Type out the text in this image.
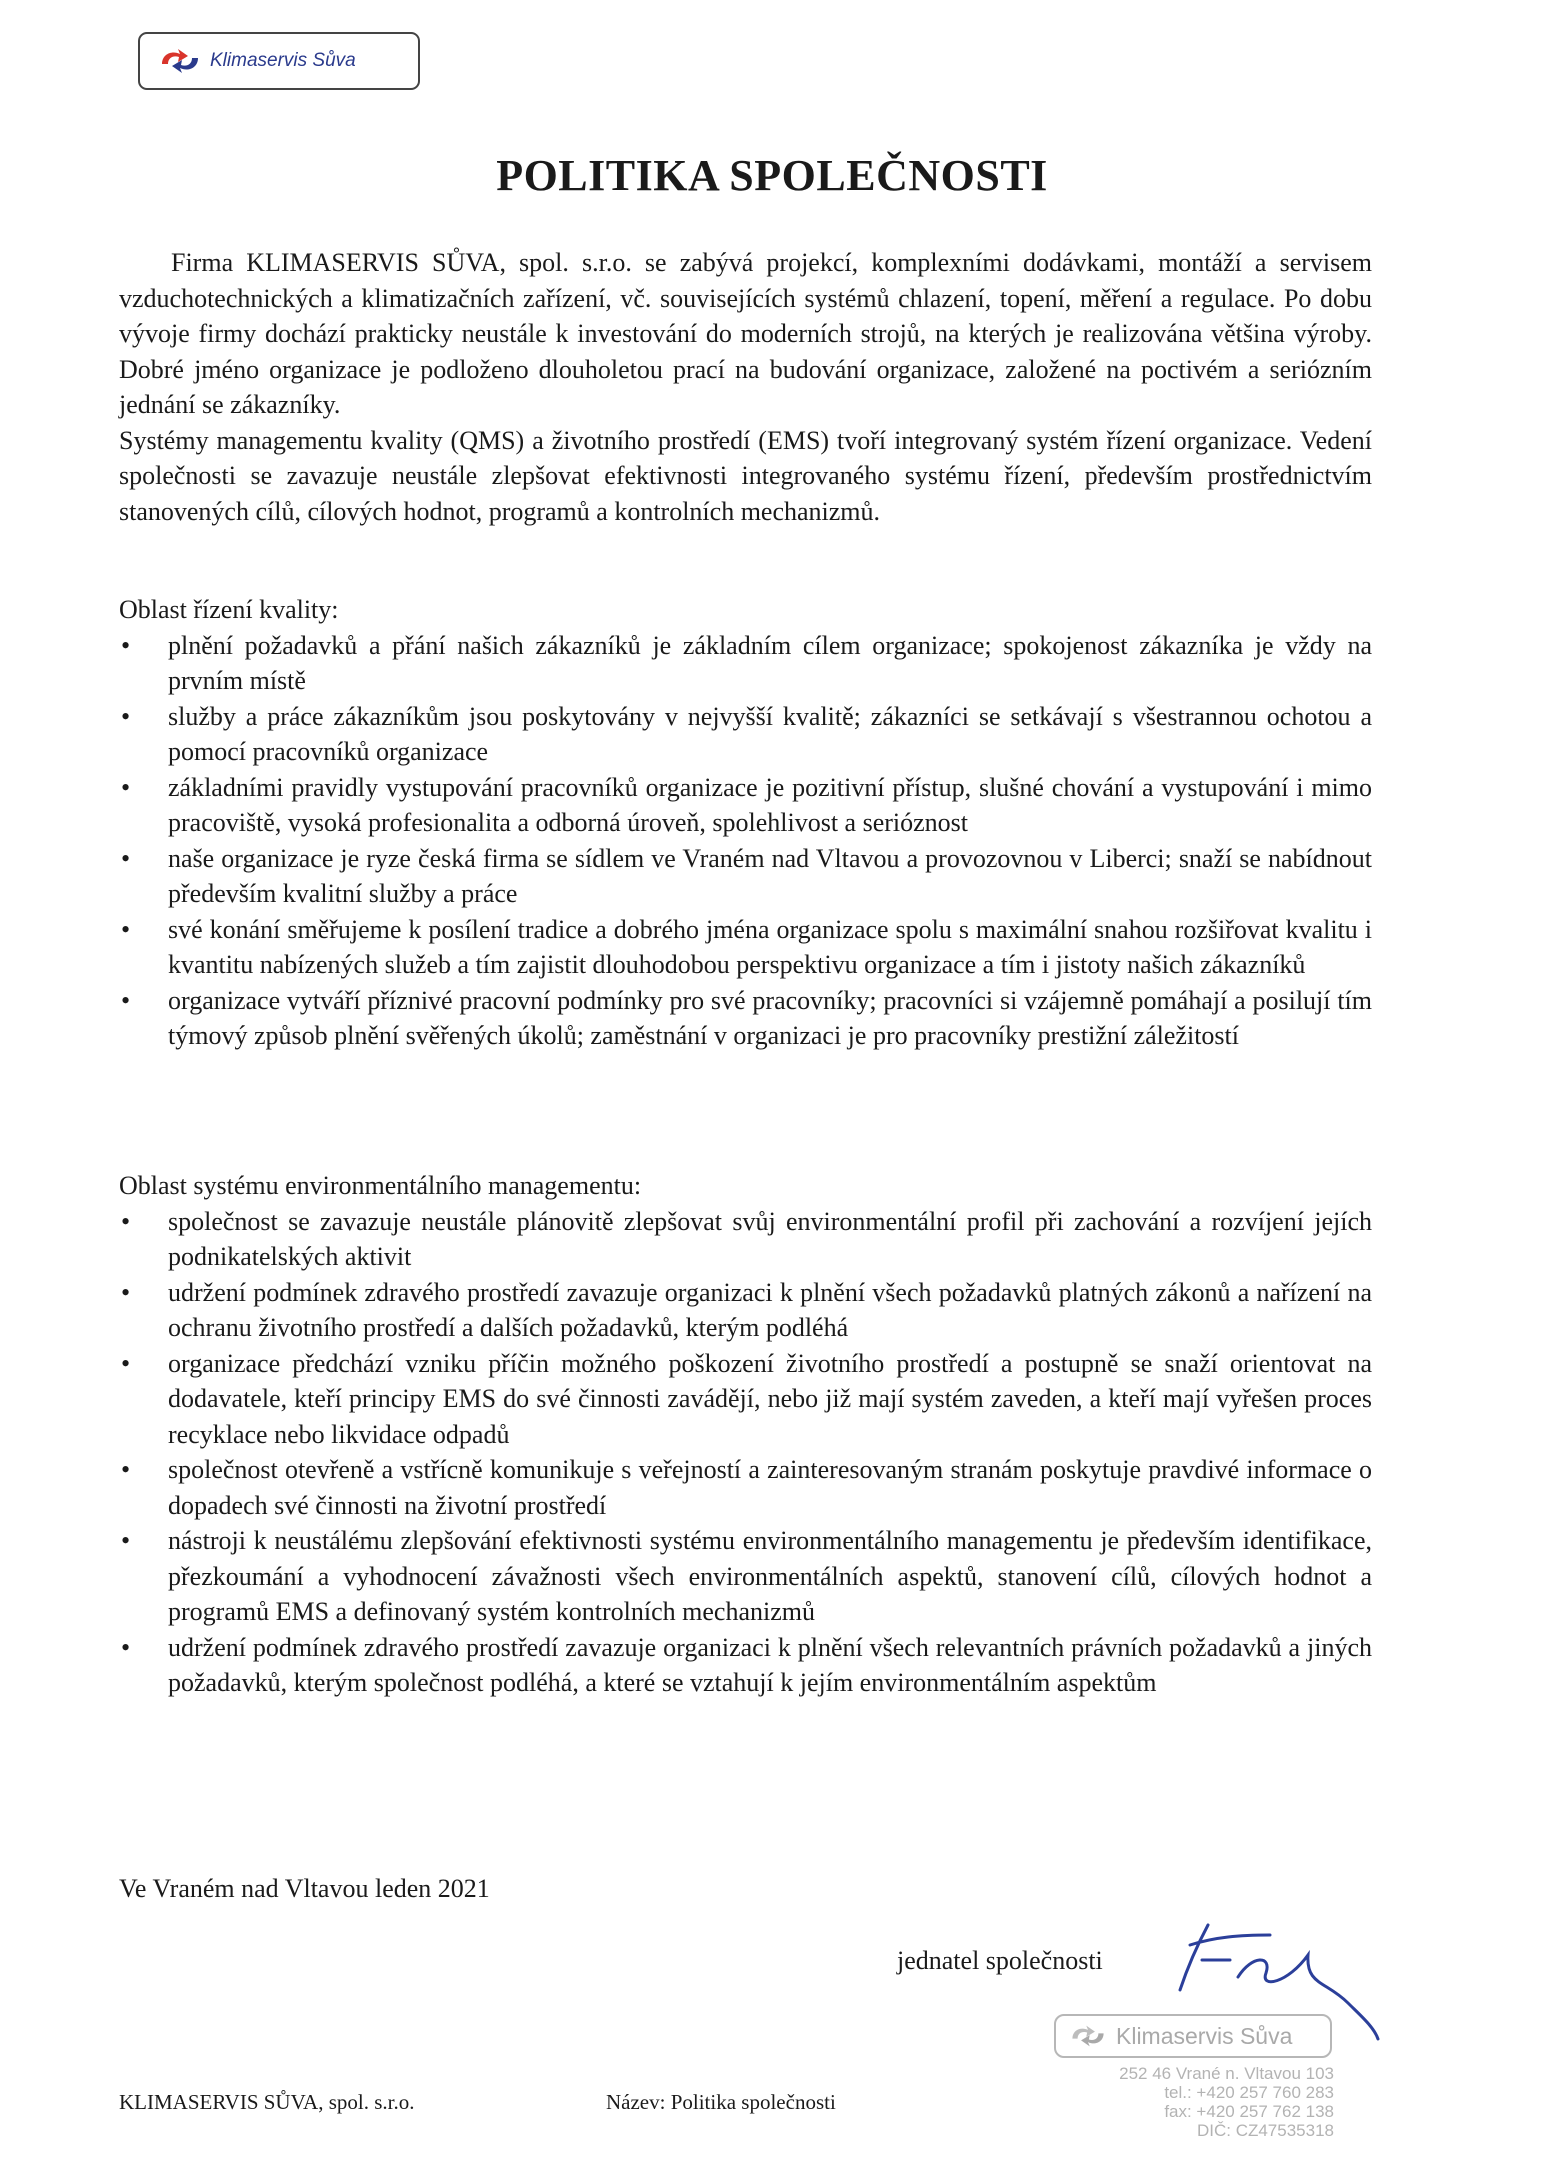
Klimaservis Sůva
POLITIKA SPOLEČNOSTI

Firma KLIMASERVIS SŮVA, spol. s.r.o. se zabývá projekcí, komplexními dodávkami, montáží a servisem vzduchotechnických a klimatizačních zařízení, vč. souvisejících systémů chlazení, topení, měření a regulace. Po dobu vývoje firmy dochází prakticky neustále k investování do moderních strojů, na kterých je realizována většina výroby. Dobré jméno organizace je podloženo dlouholetou prací na budování organizace, založené na poctivém a seriózním jednání se zákazníky.

Systémy managementu kvality (QMS) a životního prostředí (EMS) tvoří integrovaný systém řízení organizace. Vedení společnosti se zavazuje neustále zlepšovat efektivnosti integrovaného systému řízení, především prostřednictvím stanovených cílů, cílových hodnot, programů a kontrolních mechanizmů.

Oblast řízení kvality:

• plnění požadavků a přání našich zákazníků je základním cílem organizace; spokojenost zákazníka je vždy na prvním místě
• služby a práce zákazníkům jsou poskytovány v nejvyšší kvalitě; zákazníci se setkávají s všestrannou ochotou a pomocí pracovníků organizace
• základními pravidly vystupování pracovníků organizace je pozitivní přístup, slušné chování a vystupování i mimo pracoviště, vysoká profesionalita a odborná úroveň, spolehlivost a serióznost
• naše organizace je ryze česká firma se sídlem ve Vraném nad Vltavou a provozovnou v Liberci; snaží se nabídnout především kvalitní služby a práce
• své konání směřujeme k posílení tradice a dobrého jména organizace spolu s maximální snahou rozšiřovat kvalitu i kvantitu nabízených služeb a tím zajistit dlouhodobou perspektivu organizace a tím i jistoty našich zákazníků
• organizace vytváří příznivé pracovní podmínky pro své pracovníky; pracovníci si vzájemně pomáhají a posilují tím týmový způsob plnění svěřených úkolů; zaměstnání v organizaci je pro pracovníky prestižní záležitostí

Oblast systému environmentálního managementu:

• společnost se zavazuje neustále plánovitě zlepšovat svůj environmentální profil při zachování a rozvíjení jejích podnikatelských aktivit
• udržení podmínek zdravého prostředí zavazuje organizaci k plnění všech požadavků platných zákonů a nařízení na ochranu životního prostředí a dalších požadavků, kterým podléhá
• organizace předchází vzniku příčin možného poškození životního prostředí a postupně se snaží orientovat na dodavatele, kteří principy EMS do své činnosti zavádějí, nebo již mají systém zaveden, a kteří mají vyřešen proces recyklace nebo likvidace odpadů
• společnost otevřeně a vstřícně komunikuje s veřejností a zainteresovaným stranám poskytuje pravdivé informace o dopadech své činnosti na životní prostředí
• nástroji k neustálému zlepšování efektivnosti systému environmentálního managementu je především identifikace, přezkoumání a vyhodnocení závažnosti všech environmentálních aspektů, stanovení cílů, cílových hodnot a programů EMS a definovaný systém kontrolních mechanizmů
• udržení podmínek zdravého prostředí zavazuje organizaci k plnění všech relevantních právních požadavků a jiných požadavků, kterým společnost podléhá, a které se vztahují k jejím environmentálním aspektům
Ve Vraném nad Vltavou leden 2021
jednatel společnosti
Klimaservis Sůva
252 46 Vrané n. Vltavou 103
tel.: +420 257 760 283
fax: +420 257 762 138
DIČ: CZ47535318
KLIMASERVIS SŮVA, spol. s.r.o.	Název: Politika společnosti
